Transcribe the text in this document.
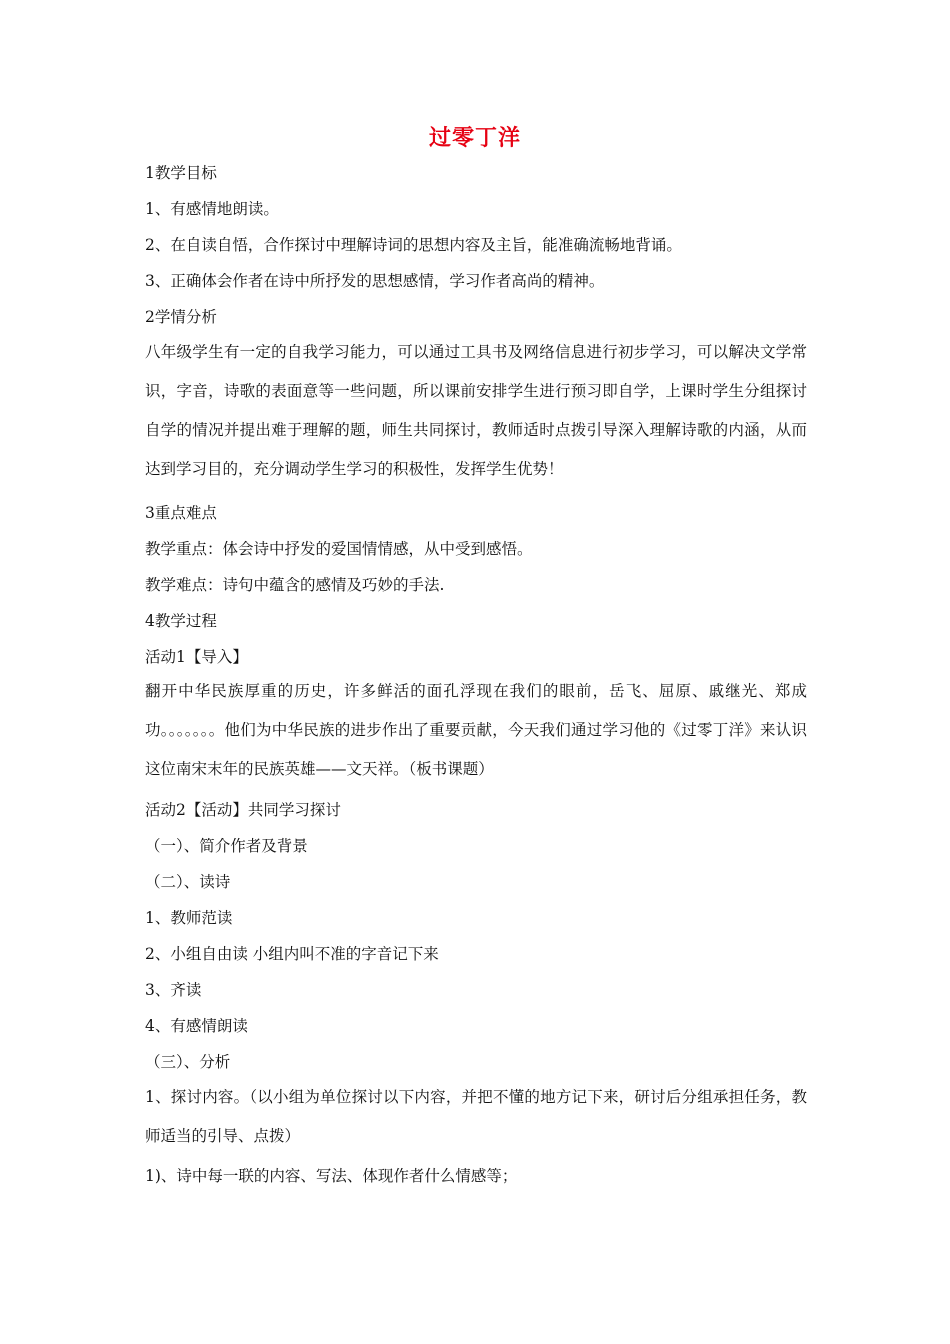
过零丁洋
1教学目标
1、有感情地朗读。
2、在自读自悟，合作探讨中理解诗词的思想内容及主旨，能准确流畅地背诵。
3、正确体会作者在诗中所抒发的思想感情，学习作者高尚的精神。
2学情分析
八年级学生有一定的自我学习能力，可以通过工具书及网络信息进行初步学习，可以解决文学常识，字音，诗歌的表面意等一些问题，所以课前安排学生进行预习即自学，上课时学生分组探讨自学的情况并提出难于理解的题，师生共同探讨，教师适时点拨引导深入理解诗歌的内涵，从而达到学习目的，充分调动学生学习的积极性，发挥学生优势！
3重点难点
教学重点：体会诗中抒发的爱国情情感，从中受到感悟。
教学难点：诗句中蕴含的感情及巧妙的手法.
4教学过程
活动1【导入】
翻开中华民族厚重的历史，许多鲜活的面孔浮现在我们的眼前，岳飞、屈原、戚继光、郑成功。。。。。。。他们为中华民族的进步作出了重要贡献，今天我们通过学习他的《过零丁洋》来认识这位南宋末年的民族英雄——文天祥。（板书课题）
活动2【活动】共同学习探讨
（一）、简介作者及背景
（二）、读诗
1、教师范读
2、小组自由读 小组内叫不准的字音记下来
3、齐读
4、有感情朗读
（三）、分析
1、探讨内容。（以小组为单位探讨以下内容，并把不懂的地方记下来，研讨后分组承担任务，教师适当的引导、点拨）
1)、诗中每一联的内容、写法、体现作者什么情感等；
